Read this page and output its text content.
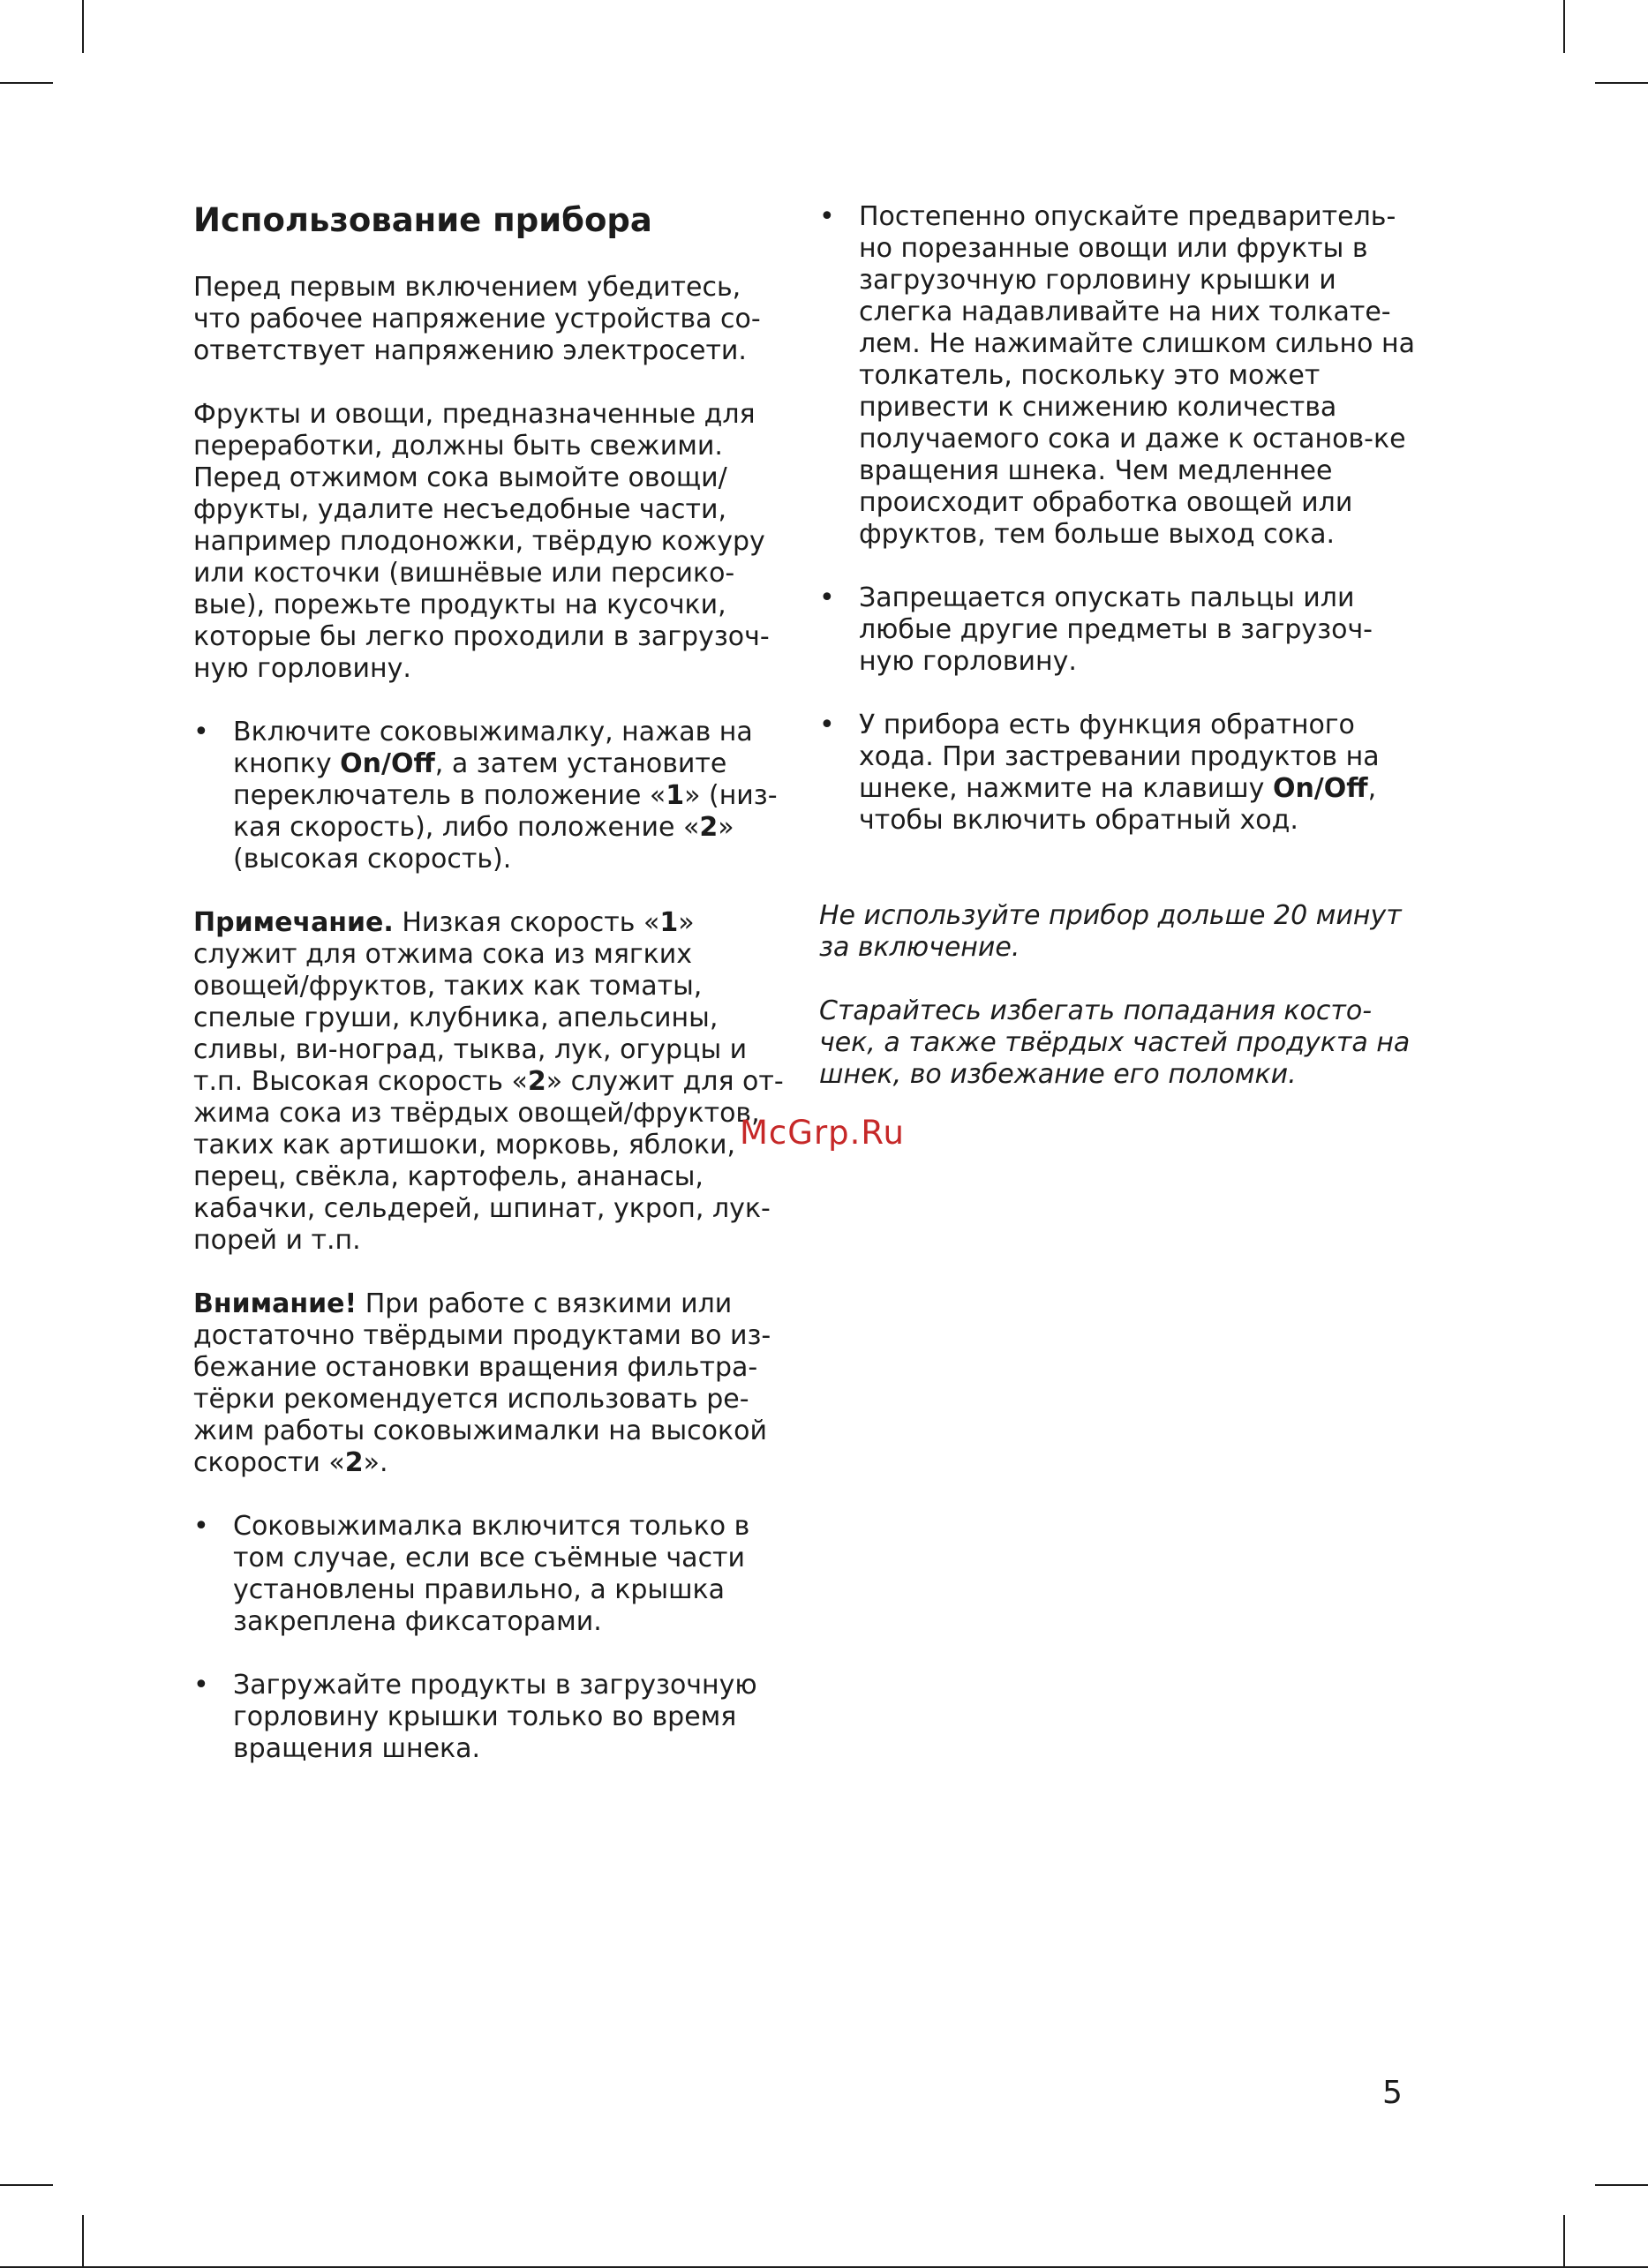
Использование прибора

Перед первым включением убедитесь, что рабочее напряжение устройства со-ответствует напряжению электросети.

Фрукты и овощи, предназначенные для переработки, должны быть свежими. Перед отжимом сока вымойте овощи/фрукты, удалите несъедобные части, например плодоножки, твёрдую кожуру или косточки (вишнёвые или персико-вые), порежьте продукты на кусочки, которые бы легко проходили в загрузоч-ную горловину.

• Включите соковыжималку, нажав на кнопку On/Off, а затем установите переключатель в положение «1» (низ-кая скорость), либо положение «2» (высокая скорость).

Примечание. Низкая скорость «1» служит для отжима сока из мягких овощей/фруктов, таких как томаты, спелые груши, клубника, апельсины, сливы, ви-ноград, тыква, лук, огурцы и т.п. Высокая скорость «2» служит для от-жима сока из твёрдых овощей/фруктов, таких как артишоки, морковь, яблоки, перец, свёкла, картофель, ананасы, кабачки, сельдерей, шпинат, укроп, лук-порей и т.п.

Внимание! При работе с вязкими или достаточно твёрдыми продуктами во из-бежание остановки вращения фильтра-тёрки рекомендуется использовать ре-жим работы соковыжималки на высокой скорости «2».

• Соковыжималка включится только в том случае, если все съёмные части установлены правильно, а крышка закреплена фиксаторами.
• Загружайте продукты в загрузочную горловину крышки только во время вращения шнека.
• Постепенно опускайте предваритель-но порезанные овощи или фрукты в загрузочную горловину крышки и слегка надавливайте на них толкате-лем. Не нажимайте слишком сильно на толкатель, поскольку это может привести к снижению количества получаемого сока и даже к останов-ке вращения шнека. Чем медленнее происходит обработка овощей или фруктов, тем больше выход сока.
• Запрещается опускать пальцы или любые другие предметы в загрузоч-ную горловину.
• У прибора есть функция обратного хода. При застревании продуктов на шнеке, нажмите на клавишу On/Off, чтобы включить обратный ход.

Не используйте прибор дольше 20 минут за включение.

Старайтесь избегать попадания косто-чек, а также твёрдых частей продукта на шнек, во избежание его поломки.

McGrp.Ru
5
